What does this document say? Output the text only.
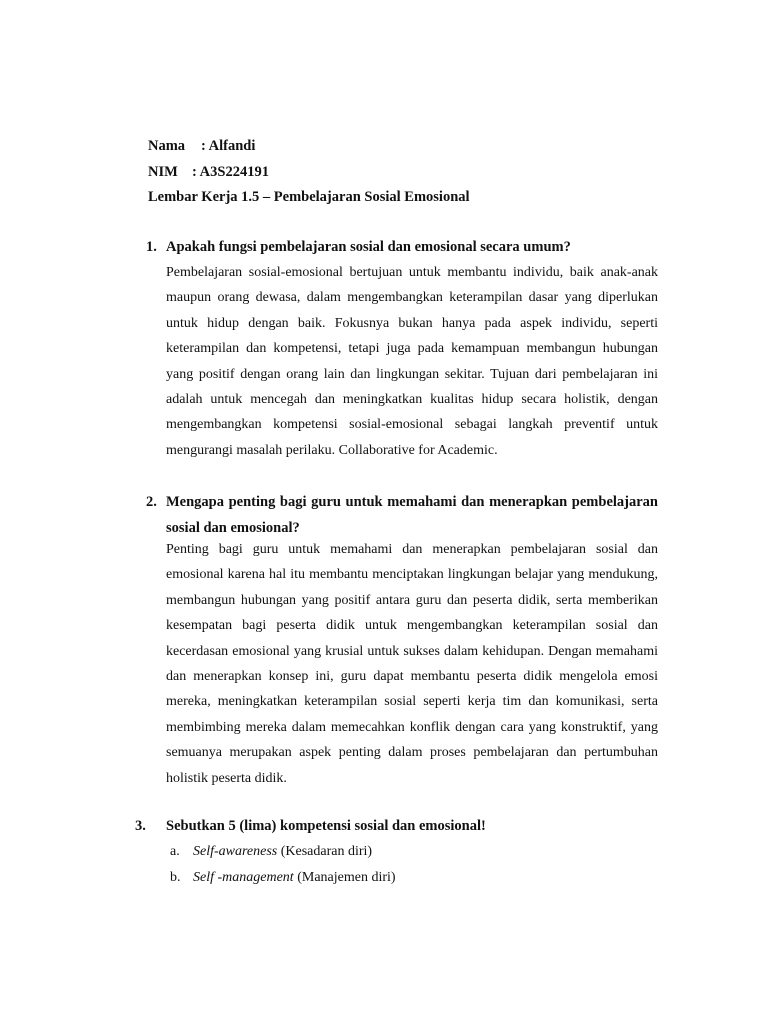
Nama : Alfandi
NIM : A3S224191
Lembar Kerja 1.5 – Pembelajaran Sosial Emosional
1. Apakah fungsi pembelajaran sosial dan emosional secara umum?
Pembelajaran sosial-emosional bertujuan untuk membantu individu, baik anak-anak maupun orang dewasa, dalam mengembangkan keterampilan dasar yang diperlukan untuk hidup dengan baik. Fokusnya bukan hanya pada aspek individu, seperti keterampilan dan kompetensi, tetapi juga pada kemampuan membangun hubungan yang positif dengan orang lain dan lingkungan sekitar. Tujuan dari pembelajaran ini adalah untuk mencegah dan meningkatkan kualitas hidup secara holistik, dengan mengembangkan kompetensi sosial-emosional sebagai langkah preventif untuk mengurangi masalah perilaku. Collaborative for Academic.
2. Mengapa penting bagi guru untuk memahami dan menerapkan pembelajaran sosial dan emosional?
Penting bagi guru untuk memahami dan menerapkan pembelajaran sosial dan emosional karena hal itu membantu menciptakan lingkungan belajar yang mendukung, membangun hubungan yang positif antara guru dan peserta didik, serta memberikan kesempatan bagi peserta didik untuk mengembangkan keterampilan sosial dan kecerdasan emosional yang krusial untuk sukses dalam kehidupan. Dengan memahami dan menerapkan konsep ini, guru dapat membantu peserta didik mengelola emosi mereka, meningkatkan keterampilan sosial seperti kerja tim dan komunikasi, serta membimbing mereka dalam memecahkan konflik dengan cara yang konstruktif, yang semuanya merupakan aspek penting dalam proses pembelajaran dan pertumbuhan holistik peserta didik.
3.	Sebutkan 5 (lima) kompetensi sosial dan emosional!
a. Self-awareness (Kesadaran diri)
b. Self -management (Manajemen diri)
